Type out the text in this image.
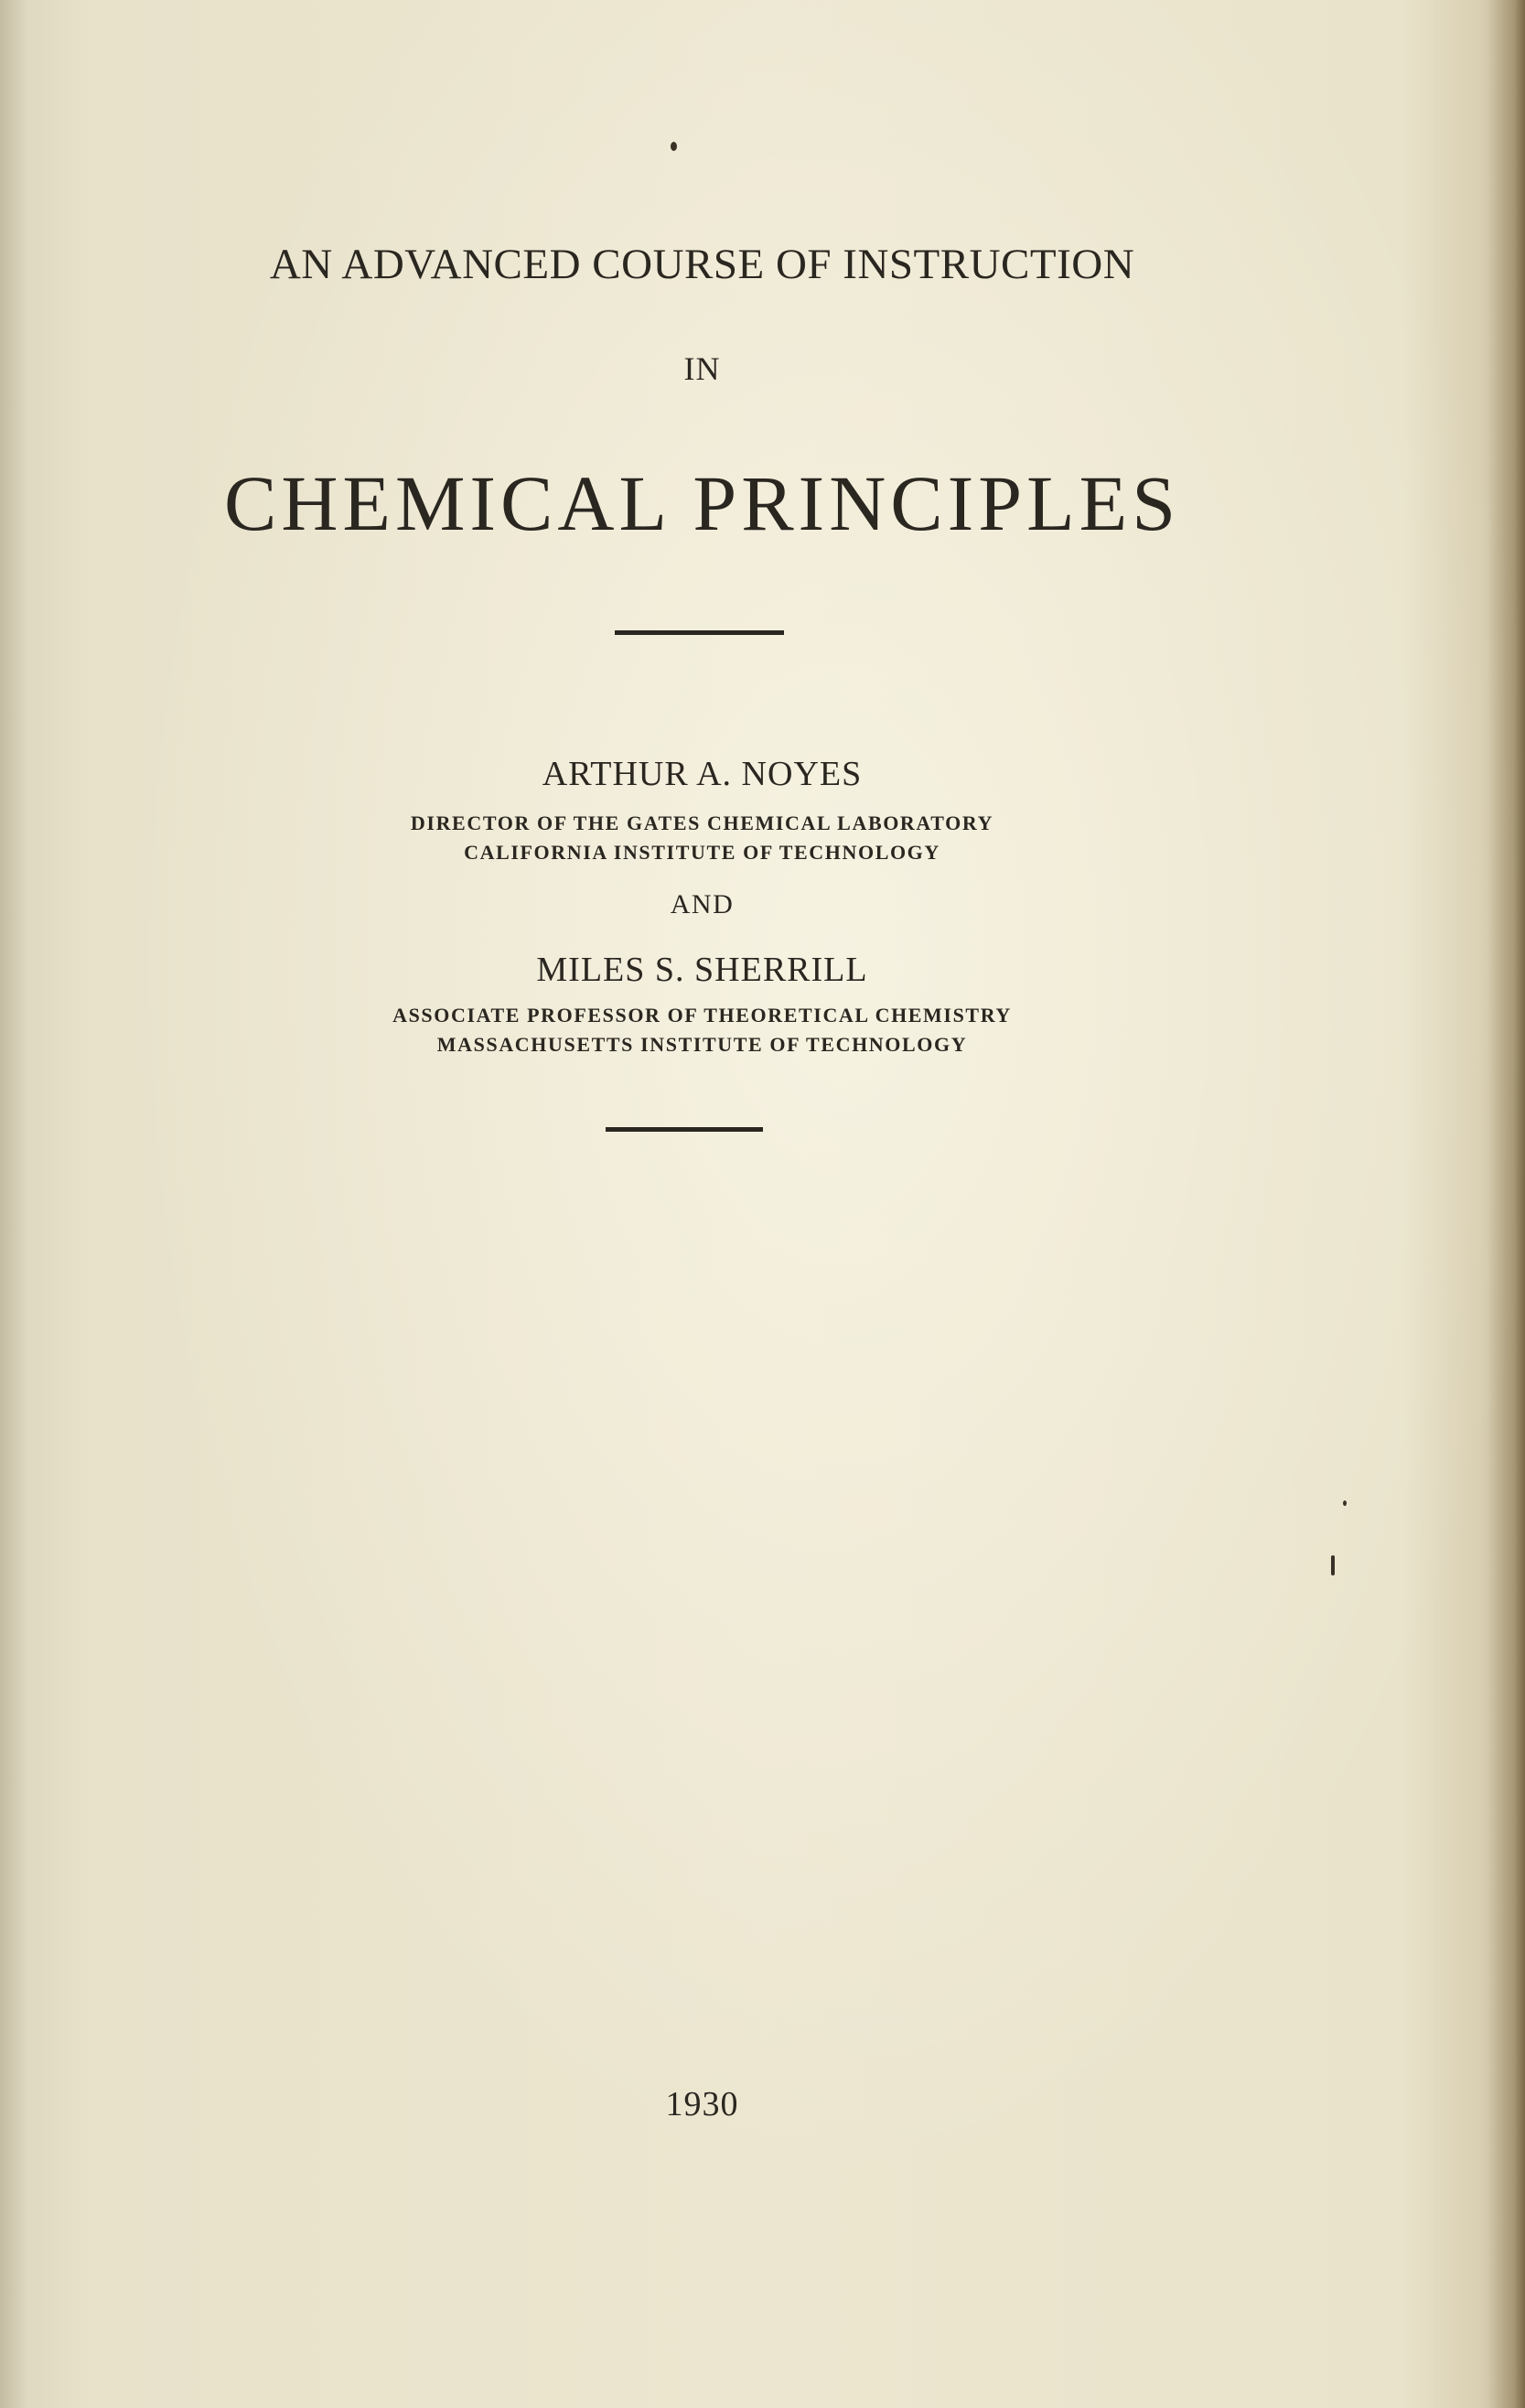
AN ADVANCED COURSE OF INSTRUCTION
IN
CHEMICAL PRINCIPLES
ARTHUR A. NOYES
DIRECTOR OF THE GATES CHEMICAL LABORATORY
CALIFORNIA INSTITUTE OF TECHNOLOGY
AND
MILES S. SHERRILL
ASSOCIATE PROFESSOR OF THEORETICAL CHEMISTRY
MASSACHUSETTS INSTITUTE OF TECHNOLOGY
1930
